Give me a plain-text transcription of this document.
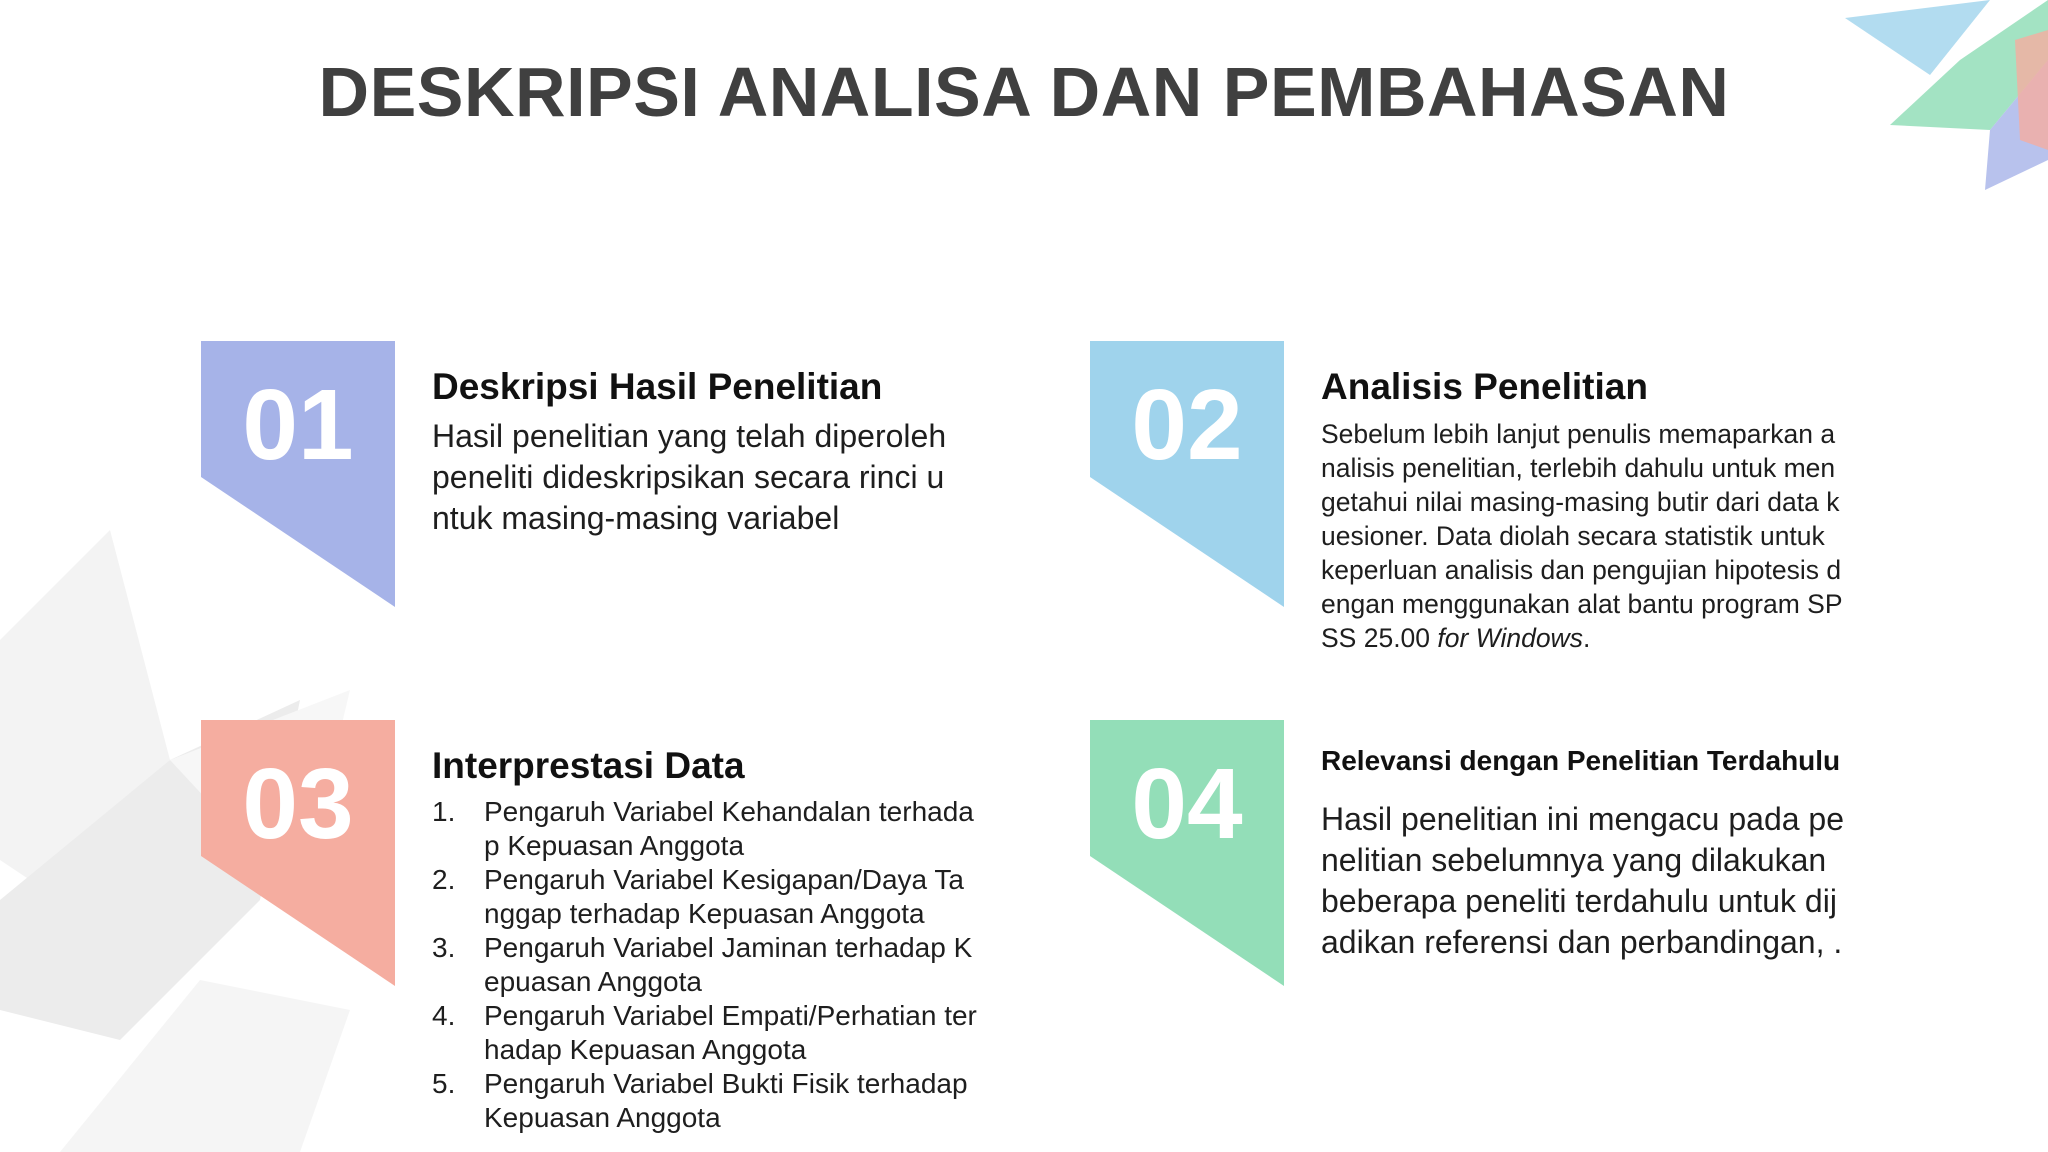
DESKRIPSI ANALISA DAN PEMBAHASAN
01	Deskripsi Hasil Penelitian

Hasil penelitian yang telah diperoleh peneliti dideskripsikan secara rinci u ntuk masing-masing variabel

02	Analisis Penelitian

Sebelum lebih lanjut penulis memaparkan a nalisis penelitian, terlebih dahulu untuk men getahui nilai masing-masing butir dari data k uesioner. Data diolah secara statistik untuk keperluan analisis dan pengujian hipotesis d engan menggunakan alat bantu program SP SS 25.00 for Windows.

03	Interprestasi Data
1.	Pengaruh Variabel Kehandalan terhada p Kepuasan Anggota
2.	Pengaruh Variabel Kesigapan/Daya Ta nggap terhadap Kepuasan Anggota
3.	Pengaruh Variabel Jaminan terhadap K epuasan Anggota
4.	Pengaruh Variabel Empati/Perhatian ter hadap Kepuasan Anggota
5.	Pengaruh Variabel Bukti Fisik terhadap Kepuasan Anggota
04	Relevansi dengan Penelitian Terdahulu

Hasil penelitian ini mengacu pada pe nelitian sebelumnya yang dilakukan beberapa peneliti terdahulu untuk dij adikan referensi dan perbandingan, .
